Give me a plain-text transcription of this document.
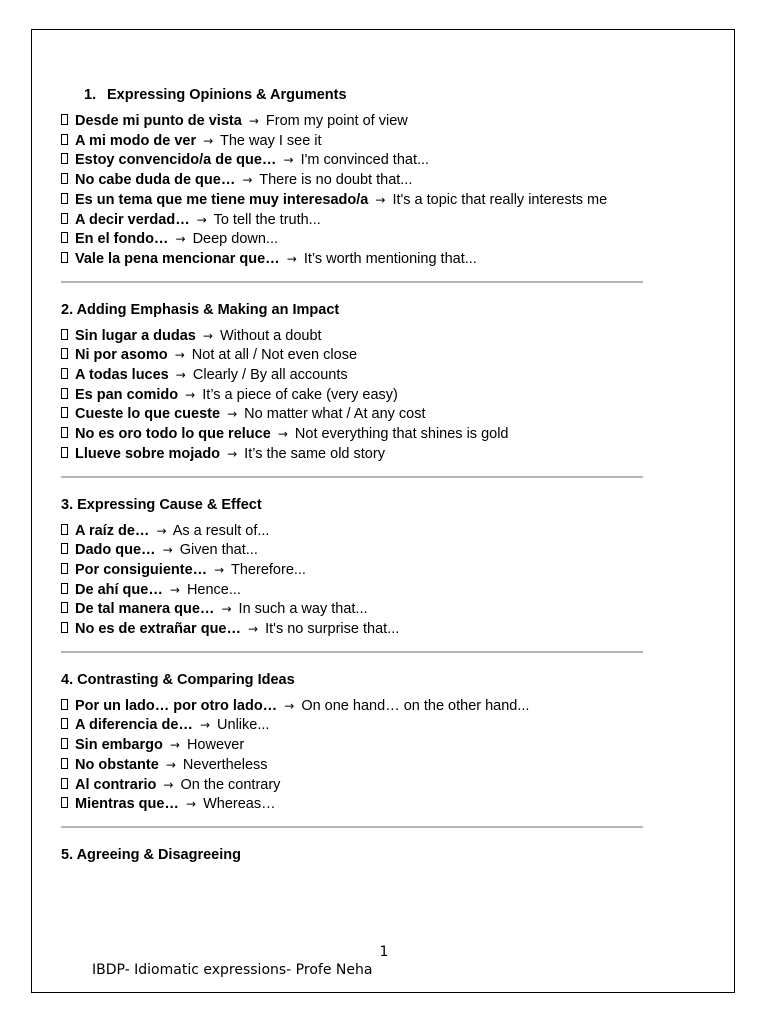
1. Expressing Opinions & Arguments
Desde mi punto de vista → From my point of view
A mi modo de ver → The way I see it
Estoy convencido/a de que… → I'm convinced that...
No cabe duda de que… → There is no doubt that...
Es un tema que me tiene muy interesado/a → It's a topic that really interests me
A decir verdad… → To tell the truth...
En el fondo… → Deep down...
Vale la pena mencionar que… → It’s worth mentioning that...
2. Adding Emphasis & Making an Impact
Sin lugar a dudas → Without a doubt
Ni por asomo → Not at all / Not even close
A todas luces → Clearly / By all accounts
Es pan comido → It’s a piece of cake (very easy)
Cueste lo que cueste → No matter what / At any cost
No es oro todo lo que reluce → Not everything that shines is gold
Llueve sobre mojado → It’s the same old story
3. Expressing Cause & Effect
A raíz de… → As a result of...
Dado que… → Given that...
Por consiguiente… → Therefore...
De ahí que… → Hence...
De tal manera que… → In such a way that...
No es de extrañar que… → It's no surprise that...
4. Contrasting & Comparing Ideas
Por un lado… por otro lado… → On one hand… on the other hand...
A diferencia de… → Unlike...
Sin embargo → However
No obstante → Nevertheless
Al contrario → On the contrary
Mientras que… → Whereas…
5. Agreeing & Disagreeing
1
IBDP- Idiomatic expressions- Profe Neha
